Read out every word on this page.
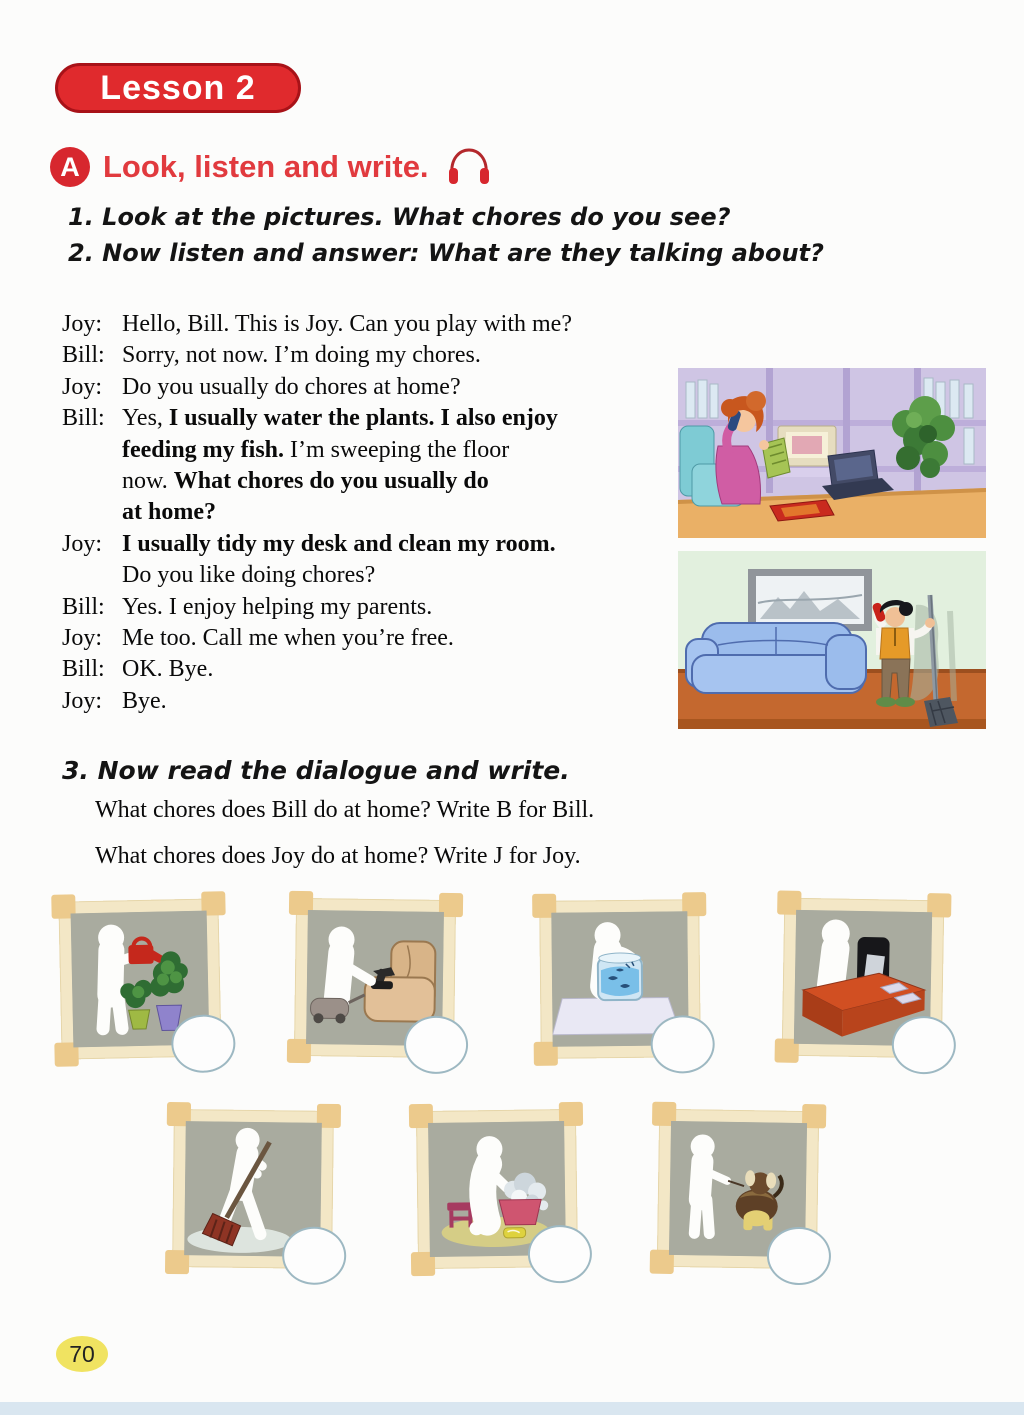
Lesson 2
A Look, listen and write.
1. Look at the pictures. What chores do you see?
2. Now listen and answer: What are they talking about?
Joy: Hello, Bill. This is Joy. Can you play with me?
Bill: Sorry, not now. I’m doing my chores.
Joy: Do you usually do chores at home?
Bill: Yes, I usually water the plants. I also enjoy
feeding my fish. I’m sweeping the floor
now. What chores do you usually do
at home?
Joy: I usually tidy my desk and clean my room.
Do you like doing chores?
Bill: Yes. I enjoy helping my parents.
Joy: Me too. Call me when you’re free.
Bill: OK. Bye.
Joy: Bye.
3. Now read the dialogue and write.
What chores does Bill do at home? Write B for Bill.
What chores does Joy do at home? Write J for Joy.
70
